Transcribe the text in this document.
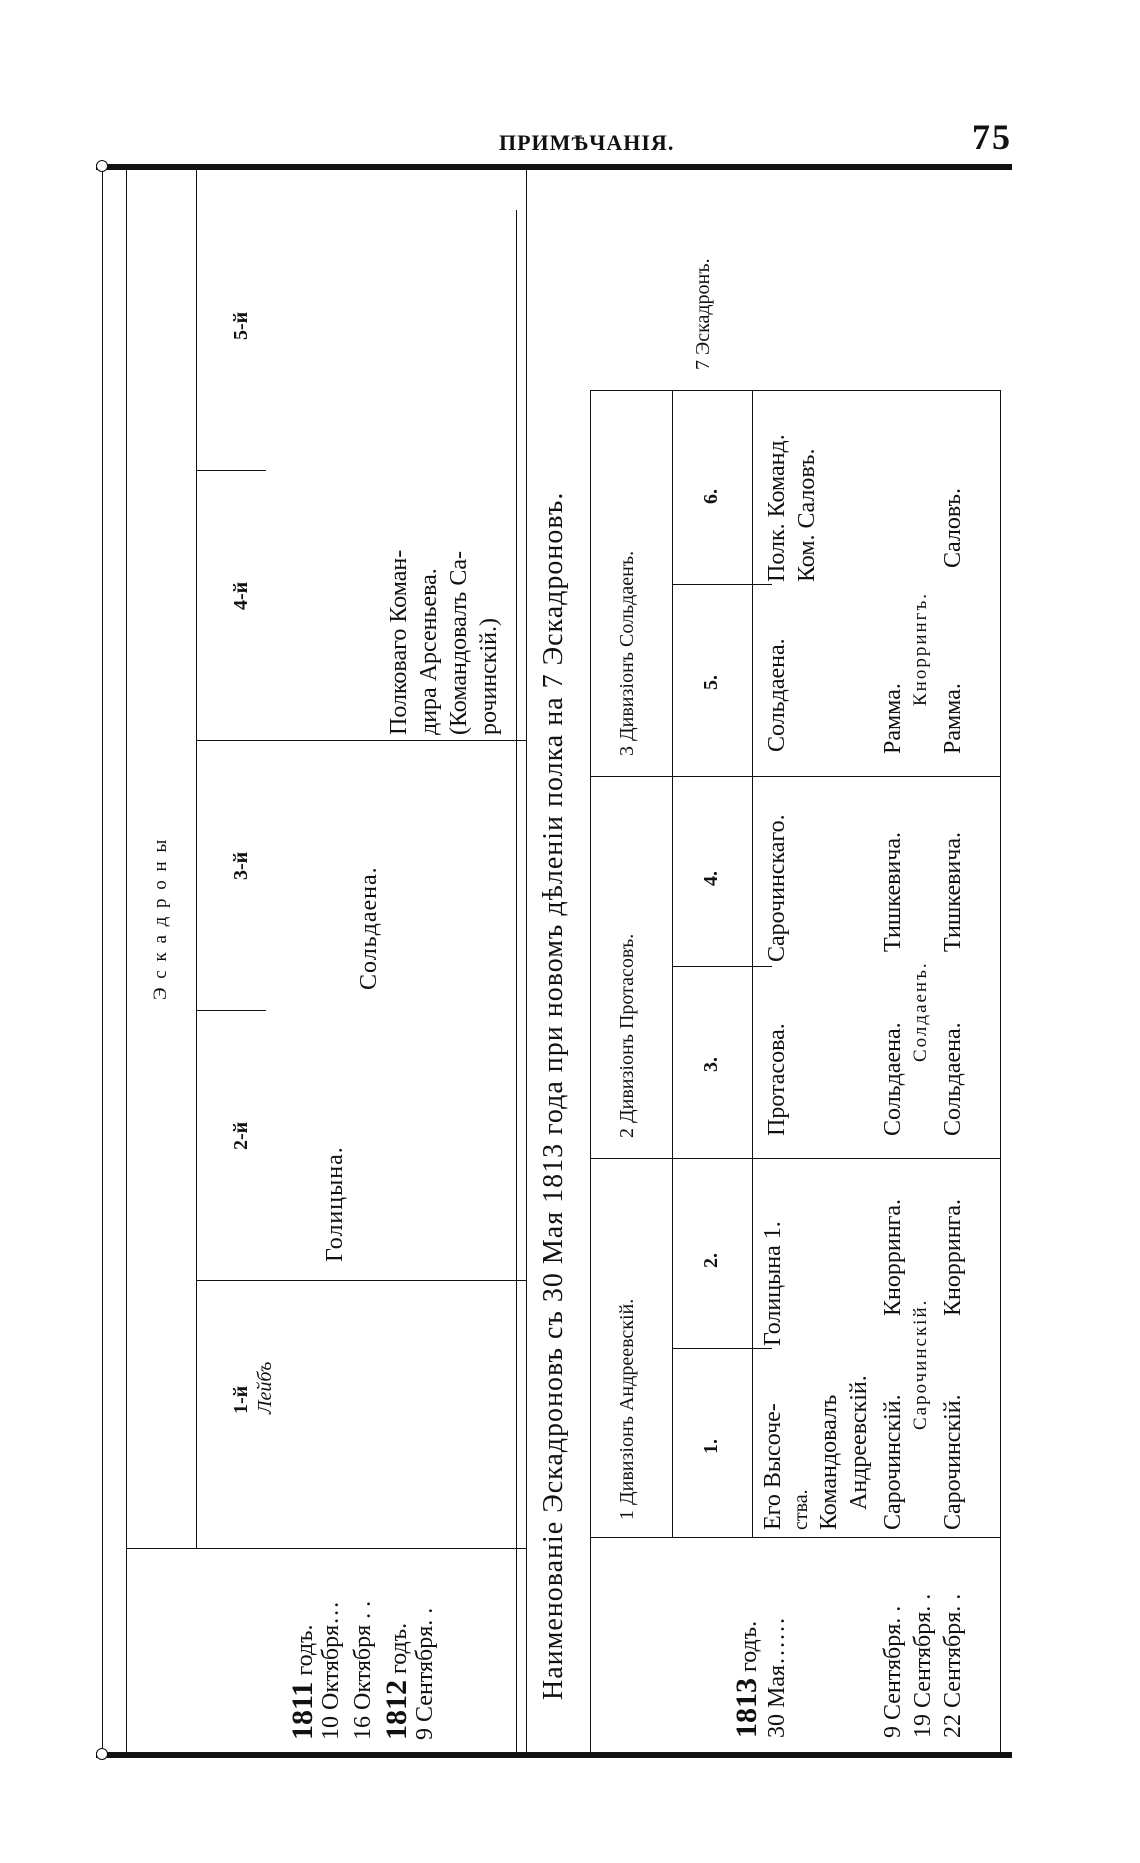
ПРИМѢЧАНІЯ.	75
Э с к а д р о н ы
1-й Лейбъ
2-й
3-й
4-й
5-й
1811 годъ. 10 Октября… 16 Октября . . 1812 годъ. 9 Сентября. .
Голицына.
Сольдаена.
Полковаго Коман- дира Арсеньева. (Командовалъ Са- рочинскій.) Наименованіе Эскадроновъ съ 30 Мая 1813 года при новомъ дѣленіи полка на 7 Эскадроновъ. 1 Дивизіонъ Андреевскій.
2 Дивизіонъ Протасовъ.
3 Дивизіонъ Сольдаенъ.
7 Эскадронъ.
1.
2.
3.
4.
5.
6.
1813 годъ. 30 Мая……	9 Сентября. . 19 Сентября. . 22 Сентября. .
Его Высоче- ства. Командовалъ Андреевскій.
Голицына 1.
Протасова.
Сарочинскаго.
Сольдаена.
Полк. Команд. Ком. Саловъ.
Сарочинскій.
Кнорринга.
Сольдаена.
Тишкевича.
Рамма.
Сарочинскій.
Солдаенъ.
Кноррингъ.
Сарочинскій.
Кнорринга.
Сольдаена.
Тишкевича.
Рамма.
Саловъ.
